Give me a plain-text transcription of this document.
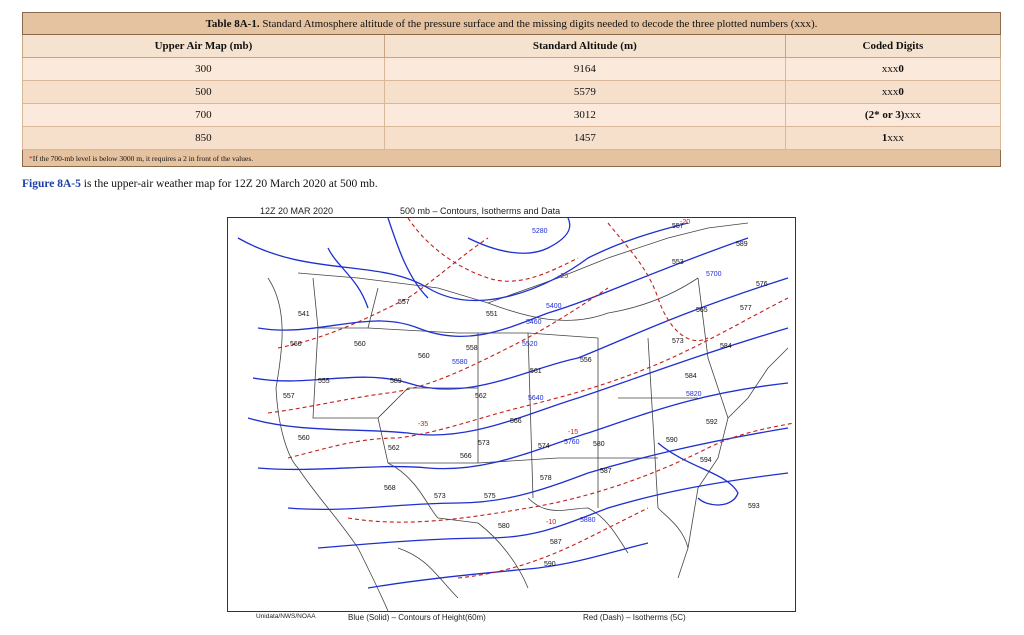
Table 8A-1. Standard Atmosphere altitude of the pressure surface and the missing digits needed to decode the three plotted numbers (xxx).		
Upper Air Map (mb)	Standard Altitude (m)	Coded Digits
300	9164	xxx0
500	5579	xxx0
700	3012	(2* or 3)xxx
850	1457	1xxx
*If the 700-mb level is below 3000 m, it requires a 2 in front of the values.		
Figure 8A-5 is the upper-air weather map for 12Z 20 March 2020 at 500 mb.
12Z 20 MAR 2020	500 mb – Contours, Isotherms and Data
557
589
553
576
565	577
541	551
557
560	560
558
560
555
557
589
562
561
566
556
573
584
584
560
574	580
590
592
562
566
573
578
587
594
568
573	575
580
587
590
593
5280
5400
5460
5520
5580
5640
5700
5760
5820
5880
-20
-25
-15
-10
-35
Unidata/NWS/NOAA	Blue (Solid) – Contours of Height(60m)	Red (Dash) – Isotherms (5C)
